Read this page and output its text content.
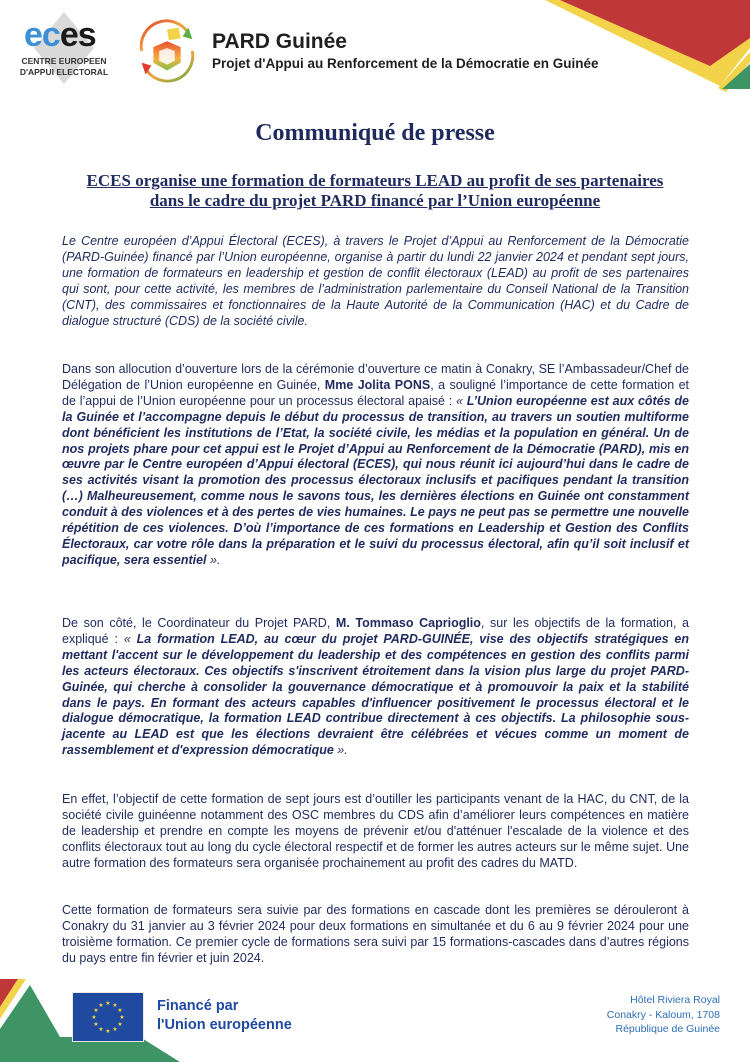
eces
CENTRE EUROPEEN
D'APPUI ELECTORAL
PARD Guinée
Projet d'Appui au Renforcement de la Démocratie en Guinée
Communiqué de presse
ECES organise une formation de formateurs LEAD au profit de ses partenaires
dans le cadre du projet PARD financé par l’Union européenne
Le Centre européen d’Appui Électoral (ECES), à travers le Projet d’Appui au Renforcement de la Démocratie (PARD-Guinée) financé par l’Union européenne, organise à partir du lundi 22 janvier 2024 et pendant sept jours, une formation de formateurs en leadership et gestion de conflit électoraux (LEAD) au profit de ses partenaires qui sont, pour cette activité, les membres de l’administration parlementaire du Conseil National de la Transition (CNT), des commissaires et fonctionnaires de la Haute Autorité de la Communication (HAC) et du Cadre de dialogue structuré (CDS) de la société civile.
Dans son allocution d’ouverture lors de la cérémonie d’ouverture ce matin à Conakry, SE l’Ambassadeur/Chef de Délégation de l’Union européenne en Guinée, Mme Jolita PONS, a souligné l’importance de cette formation et de l’appui de l’Union européenne pour un processus électoral apaisé : « L’Union européenne est aux côtés de la Guinée et l’accompagne depuis le début du processus de transition, au travers un soutien multiforme dont bénéficient les institutions de l’Etat, la société civile, les médias et la population en général. Un de nos projets phare pour cet appui est le Projet d’Appui au Renforcement de la Démocratie (PARD), mis en œuvre par le Centre européen d’Appui électoral (ECES), qui nous réunit ici aujourd’hui dans le cadre de ses activités visant la promotion des processus électoraux inclusifs et pacifiques pendant la transition (…) Malheureusement, comme nous le savons tous, les dernières élections en Guinée ont constamment conduit à des violences et à des pertes de vies humaines. Le pays ne peut pas se permettre une nouvelle répétition de ces violences. D’où l’importance de ces formations en Leadership et Gestion des Conflits Électoraux, car votre rôle dans la préparation et le suivi du processus électoral, afin qu’il soit inclusif et pacifique, sera essentiel ».
De son côté, le Coordinateur du Projet PARD, M. Tommaso Caprioglio, sur les objectifs de la formation, a expliqué : « La formation LEAD, au cœur du projet PARD-GUINÉE, vise des objectifs stratégiques en mettant l'accent sur le développement du leadership et des compétences en gestion des conflits parmi les acteurs électoraux. Ces objectifs s'inscrivent étroitement dans la vision plus large du projet PARD-Guinée, qui cherche à consolider la gouvernance démocratique et à promouvoir la paix et la stabilité dans le pays. En formant des acteurs capables d'influencer positivement le processus électoral et le dialogue démocratique, la formation LEAD contribue directement à ces objectifs. La philosophie sous-jacente au LEAD est que les élections devraient être célébrées et vécues comme un moment de rassemblement et d'expression démocratique ».
En effet, l’objectif de cette formation de sept jours est d’outiller les participants venant de la HAC, du CNT, de la société civile guinéenne notamment des OSC membres du CDS afin d’améliorer leurs compétences en matière de leadership et prendre en compte les moyens de prévenir et/ou d'atténuer l'escalade de la violence et des conflits électoraux tout au long du cycle électoral respectif et de former les autres acteurs sur le même sujet. Une autre formation des formateurs sera organisée prochainement au profit des cadres du MATD.
Cette formation de formateurs sera suivie par des formations en cascade dont les premières se dérouleront à Conakry du 31 janvier au 3 février 2024 pour deux formations en simultanée et du 6 au 9 février 2024 pour une troisième formation. Ce premier cycle de formations sera suivi par 15 formations-cascades dans d’autres régions du pays entre fin février et juin 2024.
★ ★
★
★
★
★
★
★
★
★
★
★	Financé par
l'Union européenne
Hôtel Riviera Royal
Conakry - Kaloum, 1708
République de Guinée
